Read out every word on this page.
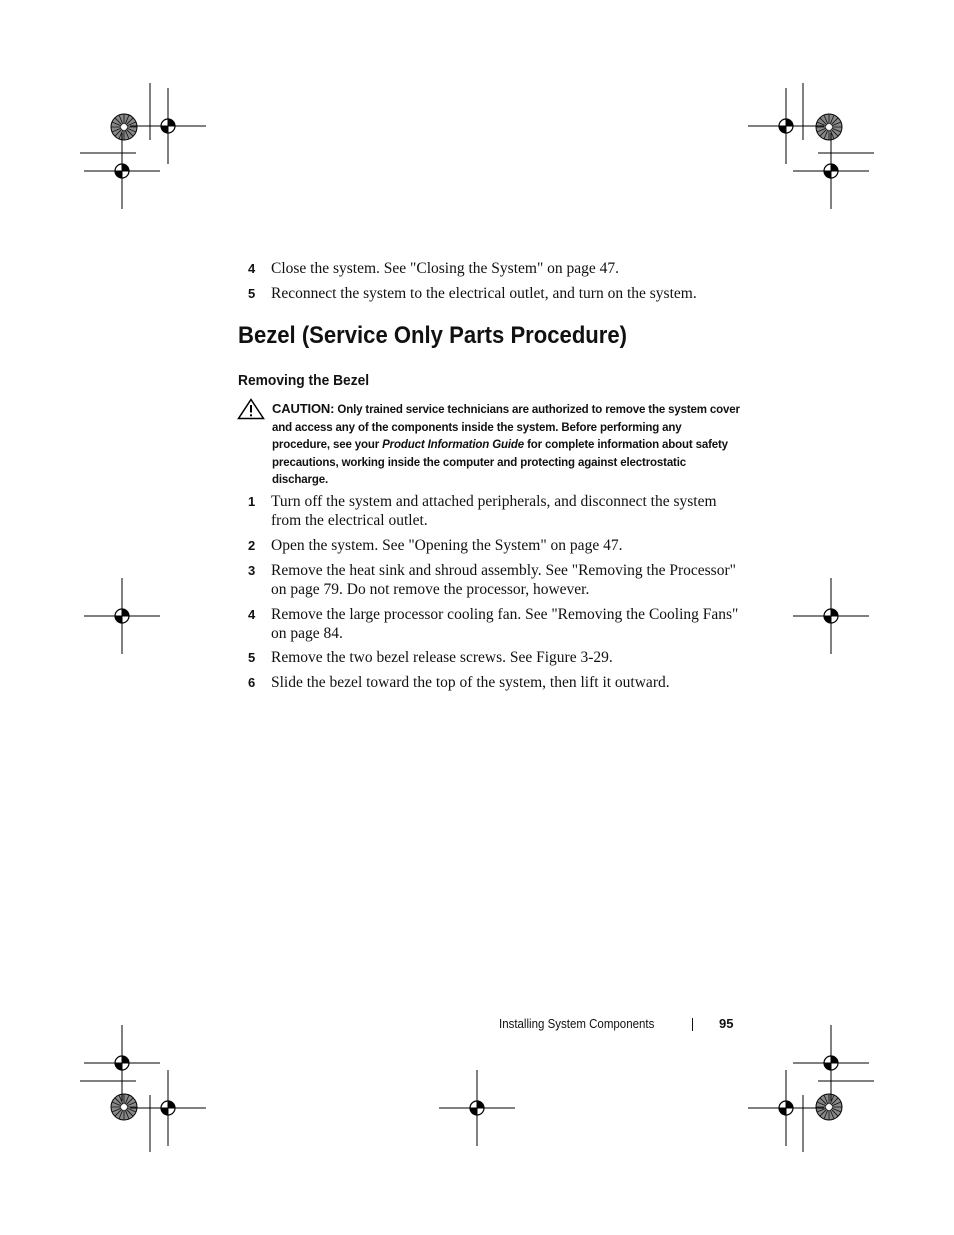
4 Close the system. See "Closing the System" on page 47.
5 Reconnect the system to the electrical outlet, and turn on the system.
Bezel (Service Only Parts Procedure)
Removing the Bezel
CAUTION: Only trained service technicians are authorized to remove the system cover and access any of the components inside the system. Before performing any procedure, see your Product Information Guide for complete information about safety precautions, working inside the computer and protecting against electrostatic discharge.
1 Turn off the system and attached peripherals, and disconnect the system from the electrical outlet.
2 Open the system. See "Opening the System" on page 47.
3 Remove the heat sink and shroud assembly. See "Removing the Processor" on page 79. Do not remove the processor, however.
4 Remove the large processor cooling fan. See "Removing the Cooling Fans" on page 84.
5 Remove the two bezel release screws. See Figure 3-29.
6 Slide the bezel toward the top of the system, then lift it outward.
Installing System Components	95
